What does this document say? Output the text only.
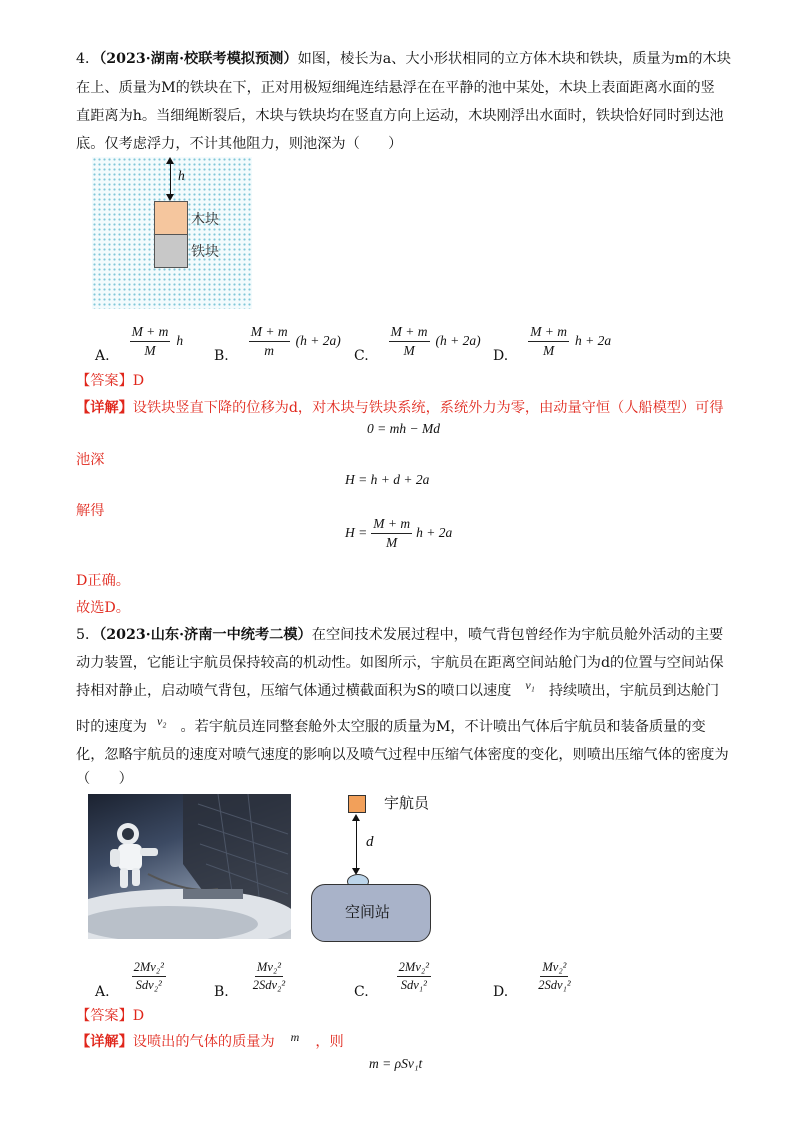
4．（2023·湖南·校联考模拟预测）如图，棱长为a、大小形状相同的立方体木块和铁块，质量为m的木块
在上、质量为M的铁块在下，正对用极短细绳连结悬浮在在平静的池中某处，木块上表面距离水面的竖
直距离为h。当细绳断裂后，木块与铁块均在竖直方向上运动，木块刚浮出水面时，铁块恰好同时到达池
底。仅考虑浮力，不计其他阻力，则池深为（　　）
h
木块
铁块
A. $\frac{M + m}{M}$ h
B. $\frac{M + m}{m} (h + 2a)$
C. $\frac{M + m}{M} (h + 2a)$
D. $\frac{M + m}{M}$ h + 2a
【答案】D
【详解】设铁块竖直下降的位移为d，对木块与铁块系统，系统外力为零，由动量守恒（人船模型）可得
0 = mh − Md
池深
H = h + d + 2a
解得
$H = \frac{M + m}{M}$ h + 2a
D正确。
故选D。
5．（2023·山东·济南一中统考二模）在空间技术发展过程中，喷气背包曾经作为宇航员舱外活动的主要
动力装置，它能让宇航员保持较高的机动性。如图所示，宇航员在距离空间站舱门为d的位置与空间站保
持相对静止，启动喷气背包，压缩气体通过横截面积为S的喷口以速度 v₁ 持续喷出，宇航员到达舱门
时的速度为 v₂ 。若宇航员连同整套舱外太空服的质量为M，不计喷出气体后宇航员和装备质量的变
化，忽略宇航员的速度对喷气速度的影响以及喷气过程中压缩气体密度的变化，则喷出压缩气体的密度为
（　　）
宇航员
d
空间站
A.
$\frac{\text{2Mv₂²}}{\text{Sdv₂²}}$
B.
$\frac{\text{Mv₂²}}{\text{2Sdv₂²}}$
C.
$\frac{\text{2Mv₂²}}{\text{Sdv₁²}}$
D.
$\frac{\text{Mv₂²}}{\text{2Sdv₁²}}$
【答案】D
【详解】设喷出的气体的质量为 m ，则
m = ρSv₁t
